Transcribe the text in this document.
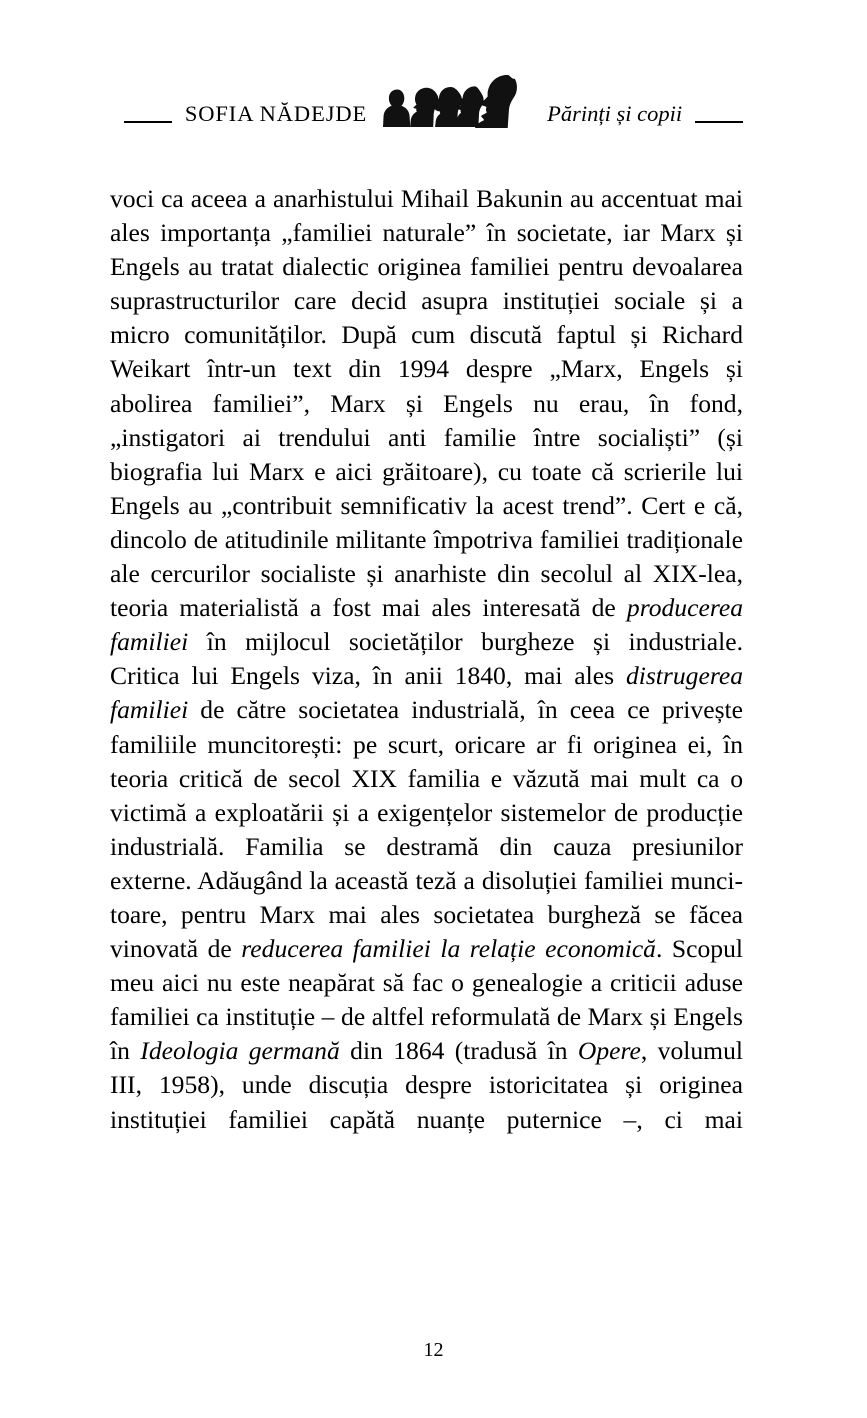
SOFIA NĂDEJDE	Părinți și copii

voci ca aceea a anarhistului Mihail Bakunin au accentuat mai ales importanța „familiei naturale” în societate, iar Marx și Engels au tratat dialectic originea familiei pentru devoalarea suprastructurilor care decid asupra instituției sociale și a micro comunităților. După cum discută faptul și Richard Weikart într-un text din 1994 despre „Marx, Engels și abolirea familiei”, Marx și Engels nu erau, în fond, „instigatori ai trendului anti familie între socialiști” (și biografia lui Marx e aici grăitoare), cu toate că scrierile lui Engels au „contribuit semnificativ la acest trend”. Cert e că, dincolo de atitudinile militante împotriva familiei tradiționale ale cercurilor socialiste și anarhiste din secolul al XIX-lea, teoria materialistă a fost mai ales interesată de producerea familiei în mijlocul societăților burgheze și industriale. Critica lui Engels viza, în anii 1840, mai ales distrugerea familiei de către societatea industrială, în ceea ce privește familiile muncitorești: pe scurt, oricare ar fi originea ei, în teoria critică de secol XIX familia e văzută mai mult ca o victimă a exploatării și a exigențelor sistemelor de producție industrială. Familia se destramă din cauza presiunilor externe. Adăugând la această teză a disoluției familiei muncitoare, pentru Marx mai ales societatea burgheză se făcea vinovată de reducerea familiei la relație economică. Scopul meu aici nu este neapărat să fac o genealogie a criticii aduse familiei ca instituție – de altfel reformulată de Marx și Engels în Ideologia germană din 1864 (tradusă în Opere, volumul III, 1958), unde discuția despre istoricitatea și originea instituției familiei capătă nuanțe puternice –, ci mai

12
